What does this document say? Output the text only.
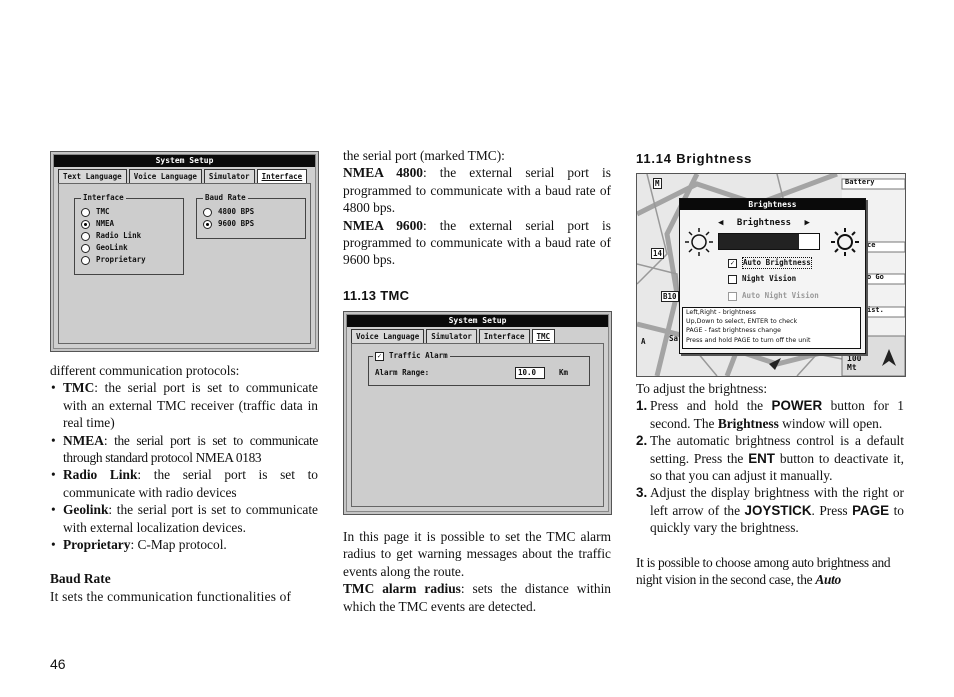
System Setup
Text Language	Voice Language	Simulator	Interface
Interface
TMC
NMEA
Radio Link
GeoLink
Proprietary
Baud Rate
4800 BPS
9600 BPS

different communication protocols:

• TMC: the serial port is set to communicate with an external TMC receiver (traffic data in real time)
• NMEA: the serial port is set to communicate through standard protocol NMEA 0183
• Radio Link: the serial port is set to communicate with radio devices
• Geolink: the serial port is set to communicate with external localization devices.
• Proprietary: C-Map protocol.

Baud Rate

It sets the communication functionalities of

the serial port (marked TMC):

NMEA 4800: the external serial port is programmed to communicate with a baud rate of 4800 bps.

NMEA 9600: the external serial port is programmed to communicate with a baud rate of 9600 bps.

11.13 TMC
System Setup
Voice Language	Simulator	Interface	TMC
✓ Traffic Alarm
Alarm Range:	10.0	Km

In this page it is possible to set the TMC alarm radius to get warning messages about the traffic events along the route.

TMC alarm radius: sets the distance within which the TMC events are detected.

11.14 Brightness
Battery
ce
o Go
ist.
100 Mt
M
14
B10
A	Sa
Brightness
◀ Brightness ▶
✓	Auto Brightness
Night Vision
Auto Night Vision
Left,Right - brightness
Up,Down to select, ENTER to check
PAGE - fast brightness change
Press and hold PAGE to turn off the unit

To adjust the brightness:

1. Press and hold the POWER button for 1 second. The Brightness window will open.
2. The automatic brightness control is a default setting. Press the ENT button to deactivate it, so that you can adjust it manually.
3. Adjust the display brightness with the right or left arrow of the JOYSTICK. Press PAGE to quickly vary the brightness.

It is possible to choose among auto brightness and night vision in the second case, the Auto

46
